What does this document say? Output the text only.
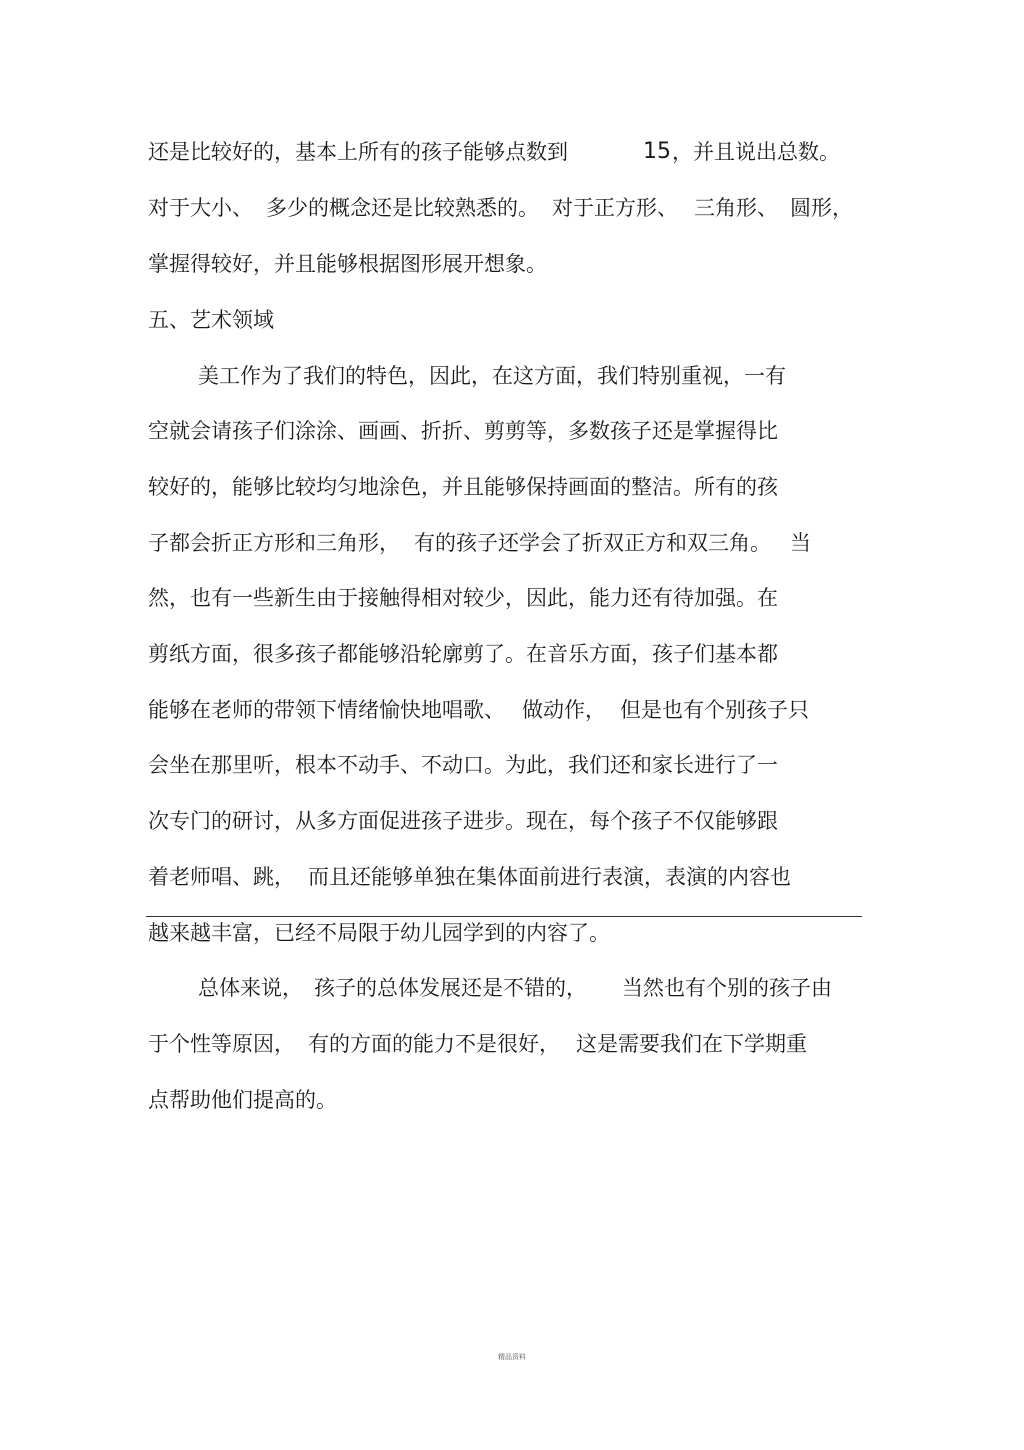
还是比较好的，基本上所有的孩子能够点数到

	15

，并且说出总数。

对于大小、

多少的概念还是比较熟悉的。

对于正方形、

三角形、

圆形，

掌握得较好，并且能够根据图形展开想象。

五、艺术领域

美工作为了我们的特色，因此，在这方面，我们特别重视，一有

空就会请孩子们涂涂、画画、折折、剪剪等，多数孩子还是掌握得比

较好的，能够比较均匀地涂色，并且能够保持画面的整洁。所有的孩

子都会折正方形和三角形，

有的孩子还学会了折双正方和双三角。

当

然，也有一些新生由于接触得相对较少，因此，能力还有待加强。在

剪纸方面，很多孩子都能够沿轮廓剪了。在音乐方面，孩子们基本都

能够在老师的带领下情绪愉快地唱歌、

做动作，

但是也有个别孩子只

会坐在那里听，根本不动手、不动口。为此，我们还和家长进行了一

次专门的研讨，从多方面促进孩子进步。现在，每个孩子不仅能够跟

着老师唱、跳，

而且还能够单独在集体面前进行表演，表演的内容也

越来越丰富，已经不局限于幼儿园学到的内容了。

总体来说，

孩子的总体发展还是不错的，

当然也有个别的孩子由

于个性等原因，

有的方面的能力不是很好，

这是需要我们在下学期重

点帮助他们提高的。

精品资料
